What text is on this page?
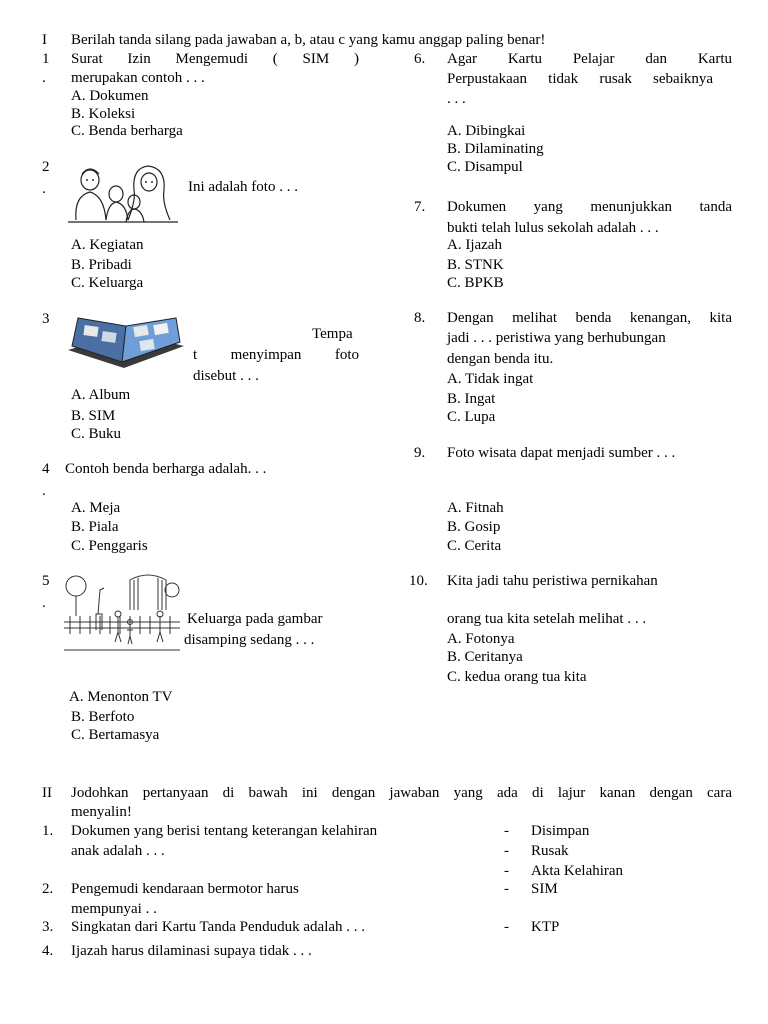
I Berilah tanda silang pada jawaban a, b, atau c yang kamu anggap paling benar!
1
.
Surat Izin Mengemudi ( SIM )
merupakan contoh . . .
A. Dokumen
B. Koleksi
C. Benda berharga
2
.	Ini adalah foto . . .
A. Kegiatan
B. Pribadi
C. Keluarga
3
Tempa
t menyimpan foto
disebut . . .
A. Album
B. SIM
C. Buku
4
.
Contoh benda berharga adalah. . .
A. Meja
B. Piala
C. Penggaris
5
.
Keluarga pada gambar
disamping sedang . . .
A. Menonton TV
B. Berfoto
C. Bertamasya
6. Agar Kartu Pelajar dan Kartu
Perpustakaan tidak rusak sebaiknya
. . .
A. Dibingkai
B. Dilaminating
C. Disampul
7. Dokumen yang menunjukkan tanda
bukti telah lulus sekolah adalah . . .
A. Ijazah
B. STNK
C. BPKB
8. Dengan melihat benda kenangan, kita
jadi . . . peristiwa yang berhubungan
dengan benda itu.
A. Tidak ingat
B. Ingat
C. Lupa
9. Foto wisata dapat menjadi sumber . . .
A. Fitnah
B. Gosip
C. Cerita
10. Kita jadi tahu peristiwa pernikahan
orang tua kita setelah melihat . . .
A. Fotonya
B. Ceritanya
C. kedua orang tua kita
II Jodohkan pertanyaan di bawah ini dengan jawaban yang ada di lajur kanan dengan cara
menyalin!
1. Dokumen yang berisi tentang keterangan kelahiran
anak adalah . . .
2. Pengemudi kendaraan bermotor harus
mempunyai . .
3. Singkatan dari Kartu Tanda Penduduk adalah . . .
4. Ijazah harus dilaminasi supaya tidak . . .
- Disimpan
- Rusak
- Akta Kelahiran
- SIM
- KTP
